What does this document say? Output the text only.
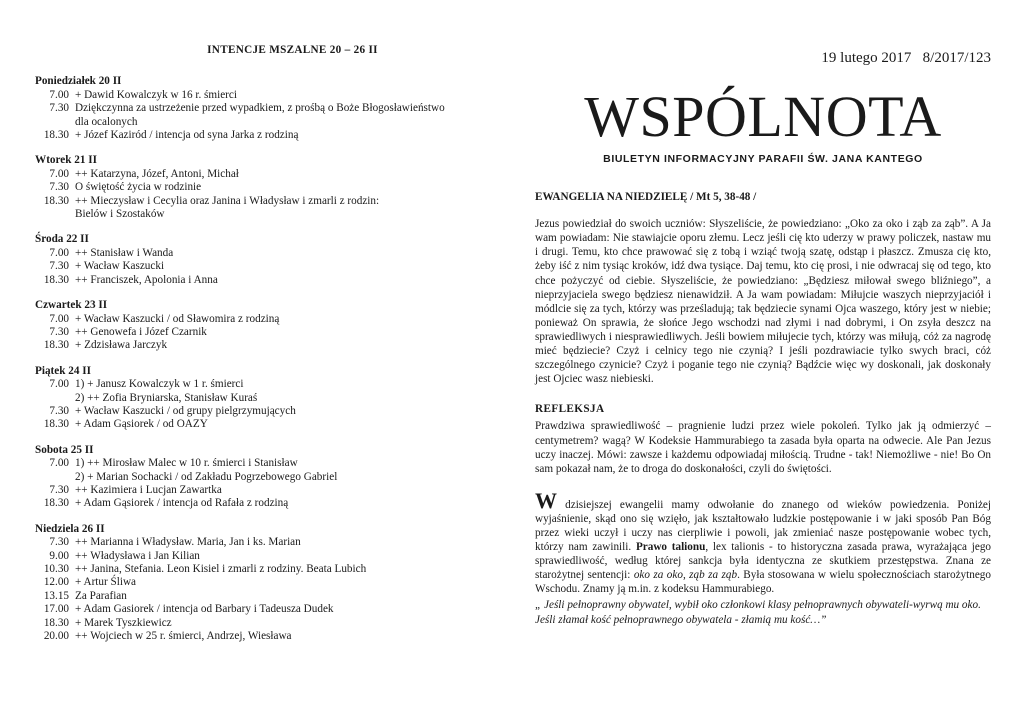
INTENCJE MSZALNE 20 – 26 II
Poniedziałek 20 II
7.00 + Dawid Kowalczyk w 16 r. śmierci
7.30 Dziękczynna za ustrzeżenie przed wypadkiem, z prośbą o Boże Błogosławieństwo
dla ocalonych
18.30 + Józef Kaziród / intencja od syna Jarka z rodziną
Wtorek 21 II
7.00 ++ Katarzyna, Józef, Antoni, Michał
7.30 O świętość życia w rodzinie
18.30 ++ Mieczysław i Cecylia oraz Janina i Władysław i zmarli z rodzin:
Bielów i Szostaków
Środa 22 II
7.00 ++ Stanisław i Wanda
7.30 + Wacław Kaszucki
18.30 ++ Franciszek, Apolonia i Anna
Czwartek 23 II
7.00 + Wacław Kaszucki / od Sławomira z rodziną
7.30 ++ Genowefa i Józef Czarnik
18.30 + Zdzisława Jarczyk
Piątek 24 II
7.00 1) + Janusz Kowalczyk w 1 r. śmierci
2) ++ Zofia Bryniarska, Stanisław Kuraś
7.30 + Wacław Kaszucki / od grupy pielgrzymujących
18.30 + Adam Gąsiorek / od OAZY
Sobota 25 II
7.00 1) ++ Mirosław Malec w 10 r. śmierci i Stanisław
2) + Marian Sochacki / od Zakładu Pogrzebowego Gabriel
7.30 ++ Kazimiera i Lucjan Zawartka
18.30 + Adam Gąsiorek / intencja od Rafała z rodziną
Niedziela 26 II
7.30 ++ Marianna i Władysław. Maria, Jan i ks. Marian
9.00 ++ Władysława i Jan Kilian
10.30 ++ Janina, Stefania. Leon Kisiel i zmarli z rodziny. Beata Lubich
12.00 + Artur Śliwa
13.15 Za Parafian
17.00 + Adam Gasiorek / intencja od Barbary i Tadeusza Dudek
18.30 + Marek Tyszkiewicz
20.00 ++ Wojciech w 25 r. śmierci, Andrzej, Wiesława
19 lutego 2017 8/2017/123
WSPÓLNOTA
BIULETYN INFORMACYJNY PARAFII ŚW. JANA KANTEGO
EWANGELIA NA NIEDZIELĘ / Mt 5, 38-48 /
Jezus powiedział do swoich uczniów: Słyszeliście, że powiedziano: „Oko za oko i ząb za ząb”. A Ja wam powiadam: Nie stawiajcie oporu złemu. Lecz jeśli cię kto uderzy w prawy policzek, nastaw mu i drugi. Temu, kto chce prawować się z tobą i wziąć twoją szatę, odstąp i płaszcz. Zmusza cię kto, żeby iść z nim tysiąc kroków, idź dwa tysiące. Daj temu, kto cię prosi, i nie odwracaj się od tego, kto chce pożyczyć od ciebie. Słyszeliście, że powiedziano: „Będziesz miłował swego bliźniego”, a nieprzyjaciela swego będziesz nienawidził. A Ja wam powiadam: Miłujcie waszych nieprzyjaciół i módlcie się za tych, którzy was prześladują; tak będziecie synami Ojca waszego, który jest w niebie; ponieważ On sprawia, że słońce Jego wschodzi nad złymi i nad dobrymi, i On zsyła deszcz na sprawiedliwych i niesprawiedliwych. Jeśli bowiem miłujecie tych, którzy was miłują, cóż za nagrodę mieć będziecie? Czyż i celnicy tego nie czynią? I jeśli pozdrawiacie tylko swych braci, cóż szczególnego czynicie? Czyż i poganie tego nie czynią? Bądźcie więc wy doskonali, jak doskonały jest Ojciec wasz niebieski.
REFLEKSJA
Prawdziwa sprawiedliwość – pragnienie ludzi przez wiele pokoleń. Tylko jak ją odmierzyć – centymetrem? wagą? W Kodeksie Hammurabiego ta zasada była oparta na odwecie. Ale Pan Jezus uczy inaczej. Mówi: zawsze i każdemu odpowiadaj miłością. Trudne - tak! Niemożliwe - nie! Bo On sam pokazał nam, że to droga do doskonałości, czyli do świętości.
W dzisiejszej ewangelii mamy odwołanie do znanego od wieków powiedzenia. Poniżej wyjaśnienie, skąd ono się wzięło, jak kształtowało ludzkie postępowanie i w jaki sposób Pan Bóg przez wieki uczył i uczy nas cierpliwie i powoli, jak zmieniać nasze postępowanie wobec tych, którzy nam zawinili. Prawo talionu, lex talionis - to historyczna zasada prawa, wyrażająca jego sprawiedliwość, według której sankcja była identyczna ze skutkiem przestępstwa. Znana ze starożytnej sentencji: oko za oko, ząb za ząb. Była stosowana w wielu społecznościach starożytnego Wschodu. Znamy ją m.in. z kodeksu Hammurabiego.
„ Jeśli pełnoprawny obywatel, wybił oko członkowi klasy pełnoprawnych obywateli-wyrwą mu oko. Jeśli złamał kość pełnoprawnego obywatela - złamią mu kość…”
